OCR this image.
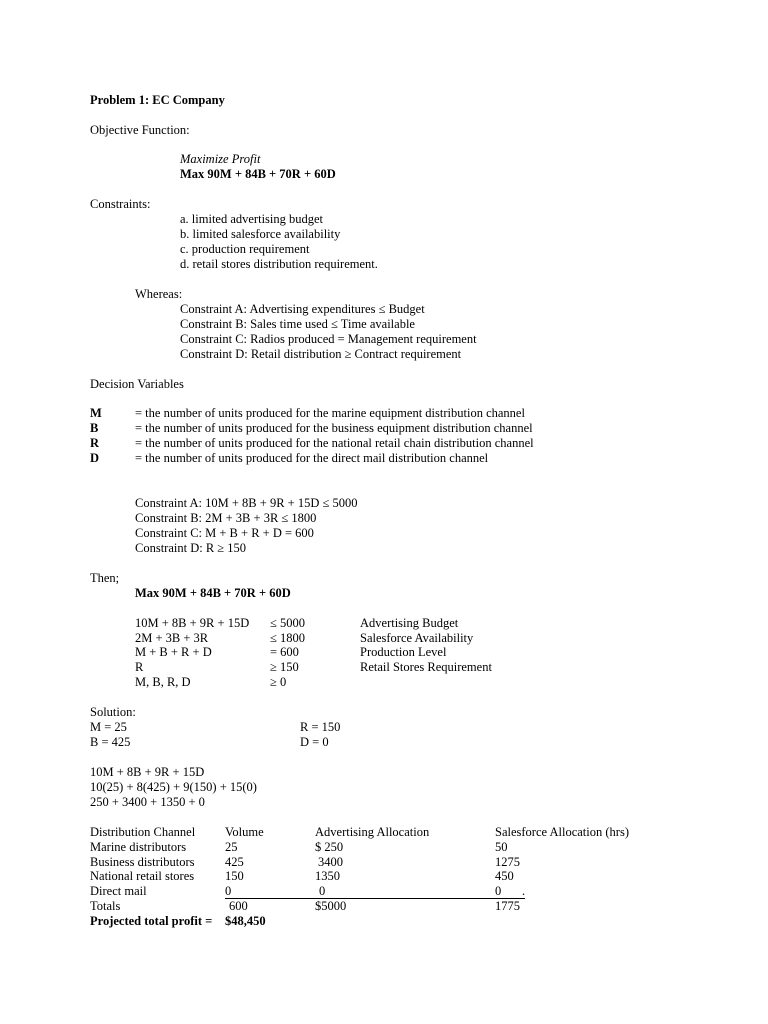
Problem 1: EC Company
Objective Function:
Maximize Profit
Max 90M + 84B + 70R + 60D
Constraints:
a. limited advertising budget
b. limited salesforce availability
c. production requirement
d. retail stores distribution requirement.
Whereas:
Constraint A: Advertising expenditures ≤ Budget
Constraint B: Sales time used ≤ Time available
Constraint C: Radios produced = Management requirement
Constraint D: Retail distribution ≥ Contract requirement
Decision Variables
M	= the number of units produced for the marine equipment distribution channel
B	= the number of units produced for the business equipment distribution channel
R	= the number of units produced for the national retail chain distribution channel
D	= the number of units produced for the direct mail distribution channel
Constraint A: 10M + 8B + 9R + 15D ≤ 5000
Constraint B: 2M + 3B + 3R ≤ 1800
Constraint C: M + B + R + D = 600
Constraint D: R ≥ 150
Then;
Max 90M + 84B + 70R + 60D
10M + 8B + 9R + 15D ≤ 5000	Advertising Budget
2M + 3B + 3R	≤ 1800	Salesforce Availability
M + B + R + D	= 600	Production Level
R	≥ 150	Retail Stores Requirement
M, B, R, D	≥ 0
Solution:
M = 25	R = 150
B = 425	D = 0
10M + 8B + 9R + 15D
10(25) + 8(425) + 9(150) + 15(0)
250 + 3400 + 1350 + 0
Distribution Channel Volume	Advertising Allocation	Salesforce Allocation (hrs)
Marine distributors	25	$ 250	50
Business distributors 425	3400	1275
National retail stores 150	1350	450
Direct mail	0	0	0 .
Totals	600	$5000	1775
Projected total profit = $48,450
